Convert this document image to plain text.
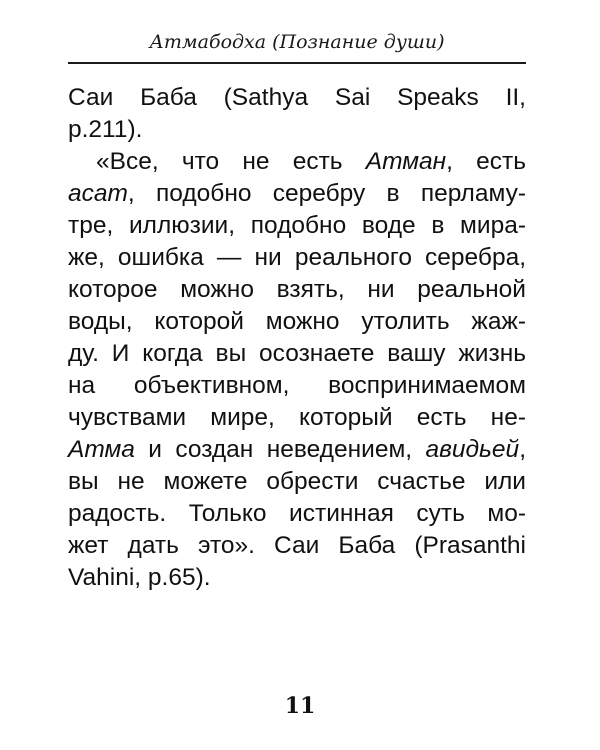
Атмабодха (Познание души)
Саи Баба (Sathya Sai Speaks II,
p.211).
«Все, что не есть Атман, есть
асат, подобно серебру в перламу-
тре, иллюзии, подобно воде в мира-
же, ошибка — ни реального серебра,
которое можно взять, ни реальной
воды, которой можно утолить жаж-
ду. И когда вы осознаете вашу жизнь
на объективном, воспринимаемом
чувствами мире, который есть не-
Атма и создан неведением, авидьей,
вы не можете обрести счастье или
радость. Только истинная суть мо-
жет дать это». Саи Баба (Prasanthi
Vahini, p.65).
11
